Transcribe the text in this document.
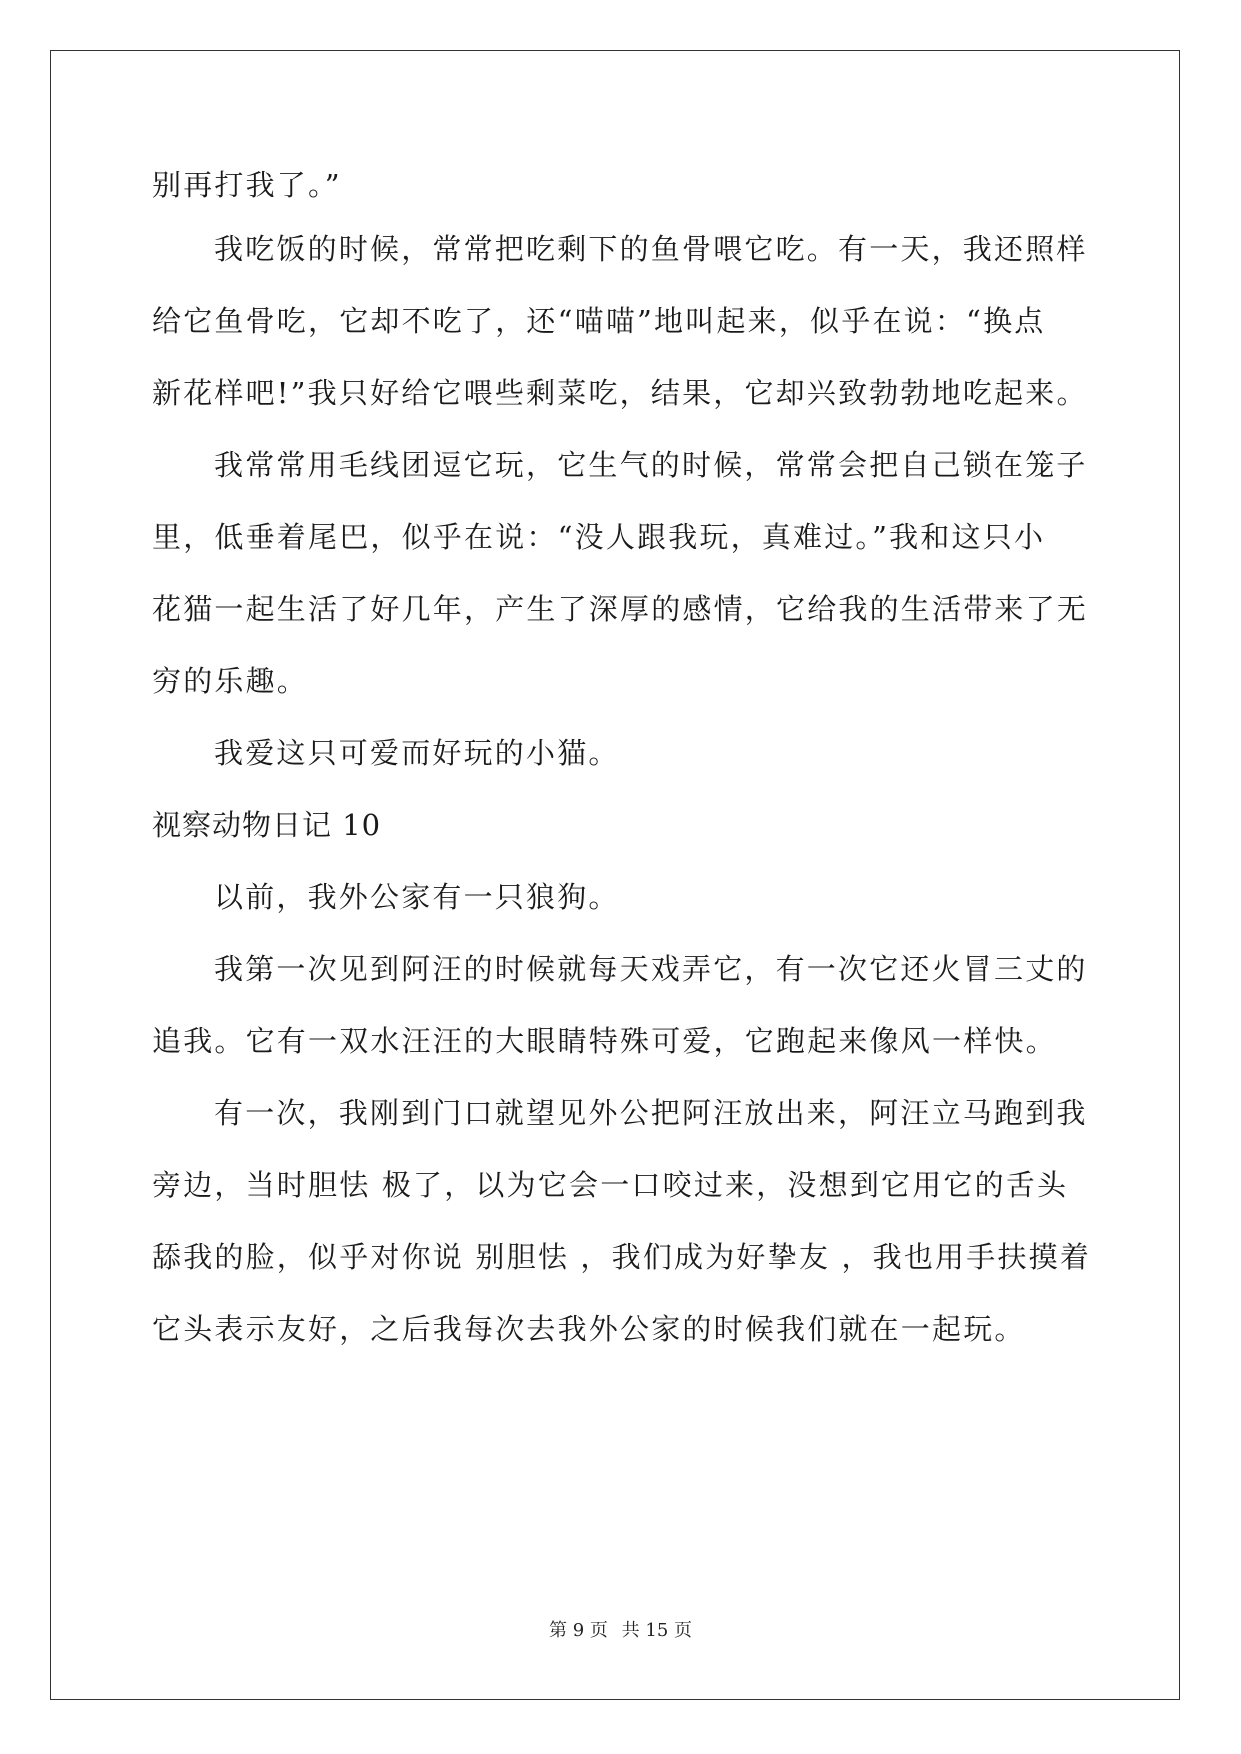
别再打我了。”
我吃饭的时候，常常把吃剩下的鱼骨喂它吃。有一天，我还照样
给它鱼骨吃，它却不吃了，还“喵喵”地叫起来，似乎在说：“换点
新花样吧!”我只好给它喂些剩菜吃，结果，它却兴致勃勃地吃起来。
我常常用毛线团逗它玩，它生气的时候，常常会把自己锁在笼子
里，低垂着尾巴，似乎在说：“没人跟我玩，真难过。”我和这只小
花猫一起生活了好几年，产生了深厚的感情，它给我的生活带来了无
穷的乐趣。
我爱这只可爱而好玩的小猫。
视察动物日记 10
以前，我外公家有一只狼狗。
我第一次见到阿汪的时候就每天戏弄它，有一次它还火冒三丈的
追我。它有一双水汪汪的大眼睛特殊可爱，它跑起来像风一样快。
有一次，我刚到门口就望见外公把阿汪放出来，阿汪立马跑到我
旁边，当时胆怯 极了，以为它会一口咬过来，没想到它用它的舌头
舔我的脸，似乎对你说 别胆怯 ，我们成为好挚友 ，我也用手扶摸着
它头表示友好，之后我每次去我外公家的时候我们就在一起玩。
第 9 页 共 15 页
